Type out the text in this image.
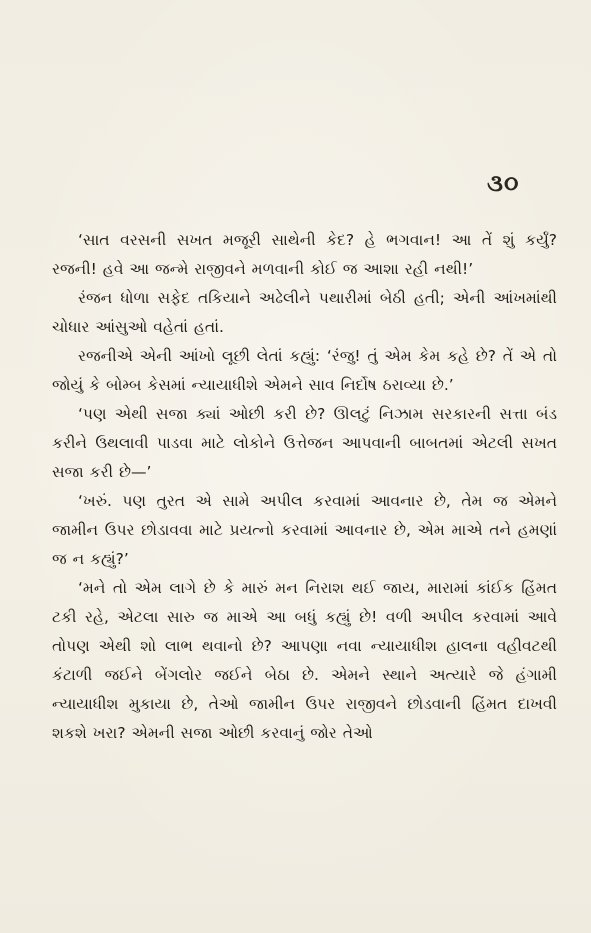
૩૦

‘સાત વરસની સખત મજૂરી સાથેની કેદ? હે ભગવાન! આ તેં શું કર્યું? રજની! હવે આ જન્મે રાજીવને મળવાની કોઈ જ આશા રહી નથી!’

રંજન ધોળા સફેદ તકિયાને અઢેલીને પથારીમાં બેઠી હતી; એની આંખમાંથી ચોધાર આંસુઓ વહેતાં હતાં.

રજનીએ એની આંખો લૂછી લેતાં કહ્યું: ‘રંજુ! તું એમ કેમ કહે છે? તેં એ તો જોયું કે બોમ્બ કેસમાં ન્યાયાધીશે એમને સાવ નિર્દોષ ઠરાવ્યા છે.’

‘પણ એથી સજા ક્યાં ઓછી કરી છે? ઊલટું નિઝામ સરકારની સત્તા બંડ કરીને ઉથલાવી પાડવા માટે લોકોને ઉત્તેજન આપવાની બાબતમાં એટલી સખત સજા કરી છે—’

‘ખરું. પણ તુરત એ સામે અપીલ કરવામાં આવનાર છે, તેમ જ એમને જામીન ઉપર છોડાવવા માટે પ્રયત્નો કરવામાં આવનાર છે, એમ માએ તને હમણાં જ ન કહ્યું?’

‘મને તો એમ લાગે છે કે મારું મન નિરાશ થઈ જાય, મારામાં કાંઈક હિંમત ટકી રહે, એટલા સારુ જ માએ આ બધું કહ્યું છે! વળી અપીલ કરવામાં આવે તોપણ એથી શો લાભ થવાનો છે? આપણા નવા ન્યાયાધીશ હાલના વહીવટથી કંટાળી જઈને બેંગલોર જઈને બેઠા છે. એમને સ્થાને અત્યારે જે હંગામી ન્યાયાધીશ મુકાયા છે, તેઓ જામીન ઉપર રાજીવને છોડવાની હિંમત દાખવી શકશે ખરા? એમની સજા ઓછી કરવાનું જોર તેઓ
